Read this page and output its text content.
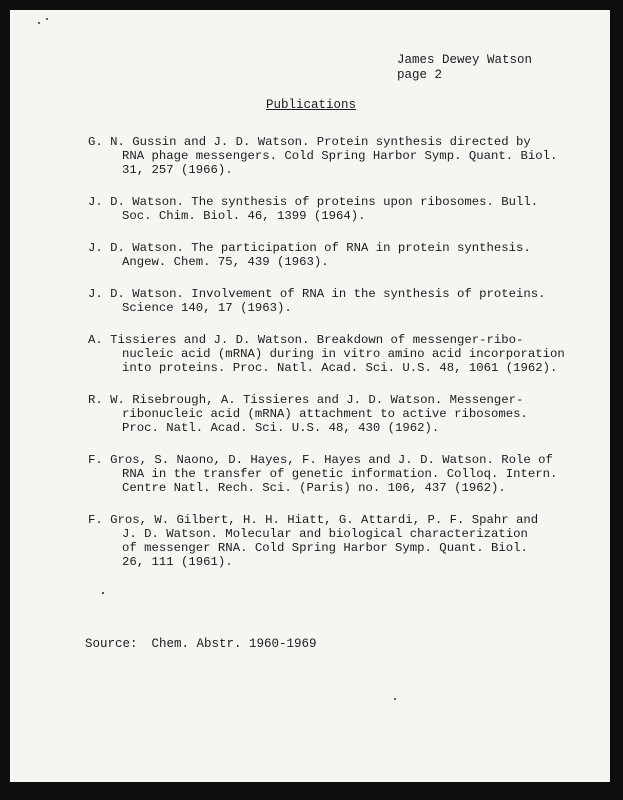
James Dewey Watson
page 2
Publications
G. N. Gussin and J. D. Watson. Protein synthesis directed by
RNA phage messengers. Cold Spring Harbor Symp. Quant. Biol.
31, 257 (1966).
J. D. Watson. The synthesis of proteins upon ribosomes. Bull.
Soc. Chim. Biol. 46, 1399 (1964).
J. D. Watson. The participation of RNA in protein synthesis.
Angew. Chem. 75, 439 (1963).
J. D. Watson. Involvement of RNA in the synthesis of proteins.
Science 140, 17 (1963).
A. Tissieres and J. D. Watson. Breakdown of messenger-ribo-
nucleic acid (mRNA) during in vitro amino acid incorporation
into proteins. Proc. Natl. Acad. Sci. U.S. 48, 1061 (1962).
R. W. Risebrough, A. Tissieres and J. D. Watson. Messenger-
ribonucleic acid (mRNA) attachment to active ribosomes.
Proc. Natl. Acad. Sci. U.S. 48, 430 (1962).
F. Gros, S. Naono, D. Hayes, F. Hayes and J. D. Watson. Role of
RNA in the transfer of genetic information. Colloq. Intern.
Centre Natl. Rech. Sci. (Paris) no. 106, 437 (1962).
F. Gros, W. Gilbert, H. H. Hiatt, G. Attardi, P. F. Spahr and
J. D. Watson. Molecular and biological characterization
of messenger RNA. Cold Spring Harbor Symp. Quant. Biol.
26, 111 (1961).
Source: Chem. Abstr. 1960-1969
